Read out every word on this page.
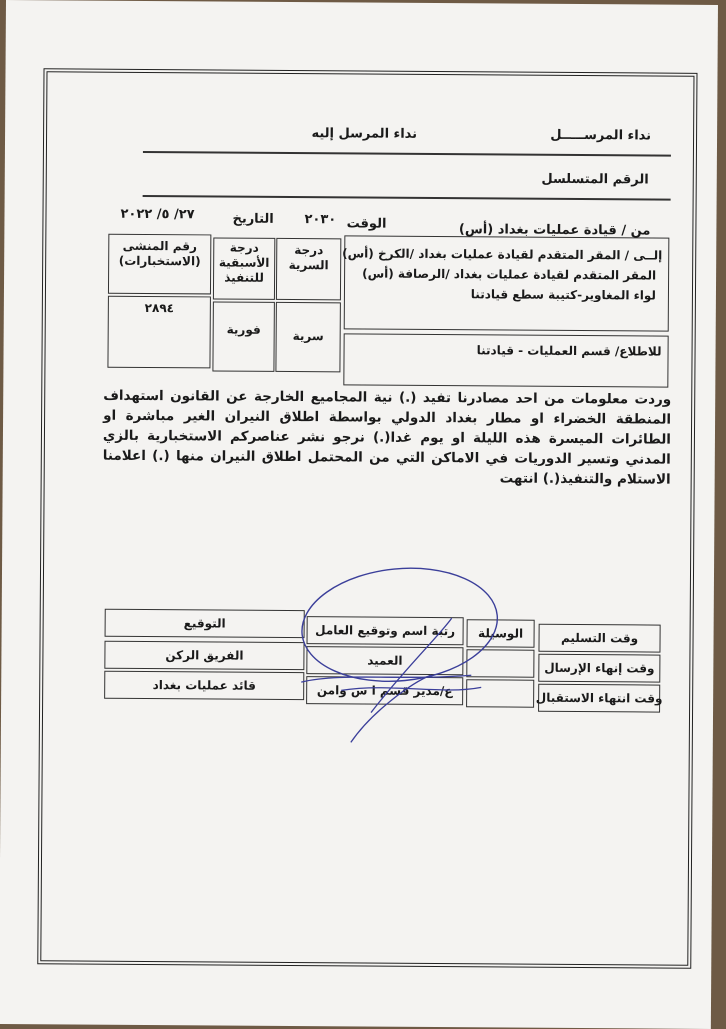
نداء المرســـــل
نداء المرسل إليه
الرقم المتسلسل
من / قيادة عمليات بغداد (أس)
الوقت
٢٠٣٠
التاريخ
٢٧/ ٥/ ٢٠٢٢
إلــى / المقر المتقدم لقيادة عمليات بغداد /الكرخ (أس)
المقر المتقدم لقيادة عمليات بغداد /الرصافة (أس)
لواء المغاوير-كتيبة سطع قيادتنا
للاطلاع/ قسم العمليات - قيادتنا
درجة السرية
درجة الأسبقية للتنفيذ
رقم المنشى (الاستخبارات)
سرية
فورية
٢٨٩٤
وردت معلومات من احد مصادرنا تفيد (.) نية المجاميع الخارجة عن القانون استهداف المنطقة الخضراء او مطار بغداد الدولي بواسطة اطلاق النيران الغير مباشرة او الطائرات الميسرة هذه الليلة او يوم غدا(.) نرجو نشر عناصركم الاستخبارية بالزي المدني وتسير الدوريات في الاماكن التي من المحتمل اطلاق النيران منها (.) اعلامنا الاستلام والتنفيذ(.) انتهت
وقت التسليم
وقت إنهاء الإرسال
وقت انتهاء الاستقبال
الوسيلة
رتبة اسم وتوقيع العامل
العميد
ع/مدير قسم ا س وامن
التوقيع
الفريق الركن
قائد عمليات بغداد
